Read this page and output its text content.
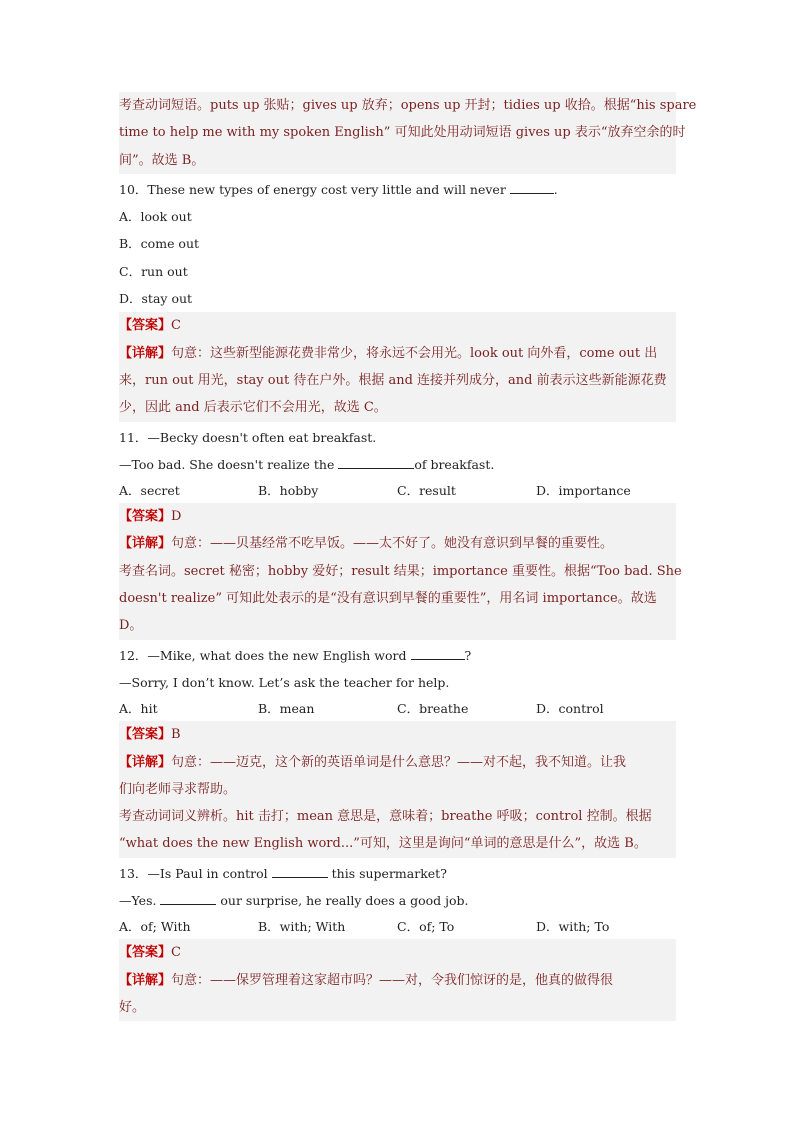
考查动词短语。puts up 张贴；gives up 放弃；opens up 开封；tidies up 收拾。根据“his spare

time to help me with my spoken English” 可知此处用动词短语 gives up 表示“放弃空余的时

间”。故选 B。

10．These new types of energy cost very little and will never	.

A．look out

B．come out

C．run out

D．stay out

【答案】C

【详解】句意：这些新型能源花费非常少，将永远不会用光。look out 向外看，come out 出

来，run out 用光，stay out 待在户外。根据 and 连接并列成分，and 前表示这些新能源花费

少，因此 and 后表示它们不会用光，故选 C。

11．—Becky doesn't often eat breakfast.

—Too bad. She doesn't realize the	of breakfast.

A．secret	B．hobby	C．result	D．importance

【答案】D

【详解】句意：——贝基经常不吃早饭。——太不好了。她没有意识到早餐的重要性。

考查名词。secret 秘密；hobby 爱好；result 结果；importance 重要性。根据“Too bad. She

doesn't realize” 可知此处表示的是“没有意识到早餐的重要性”，用名词 importance。故选

D。

12．—Mike, what does the new English word	?

—Sorry, I don’t know. Let’s ask the teacher for help.

A．hit	B．mean	C．breathe	D．control

【答案】B

【详解】句意：——迈克，这个新的英语单词是什么意思？——对不起，我不知道。让我

们向老师寻求帮助。

考查动词词义辨析。hit 击打；mean 意思是，意味着；breathe 呼吸；control 控制。根据

“what does the new English word...”可知，这里是询问“单词的意思是什么”，故选 B。

13．—Is Paul in control	this supermarket?

—Yes.	our surprise, he really does a good job.

A．of; With	B．with; With	C．of; To	D．with; To

【答案】C

【详解】句意：——保罗管理着这家超市吗？——对，令我们惊讶的是，他真的做得很

好。
